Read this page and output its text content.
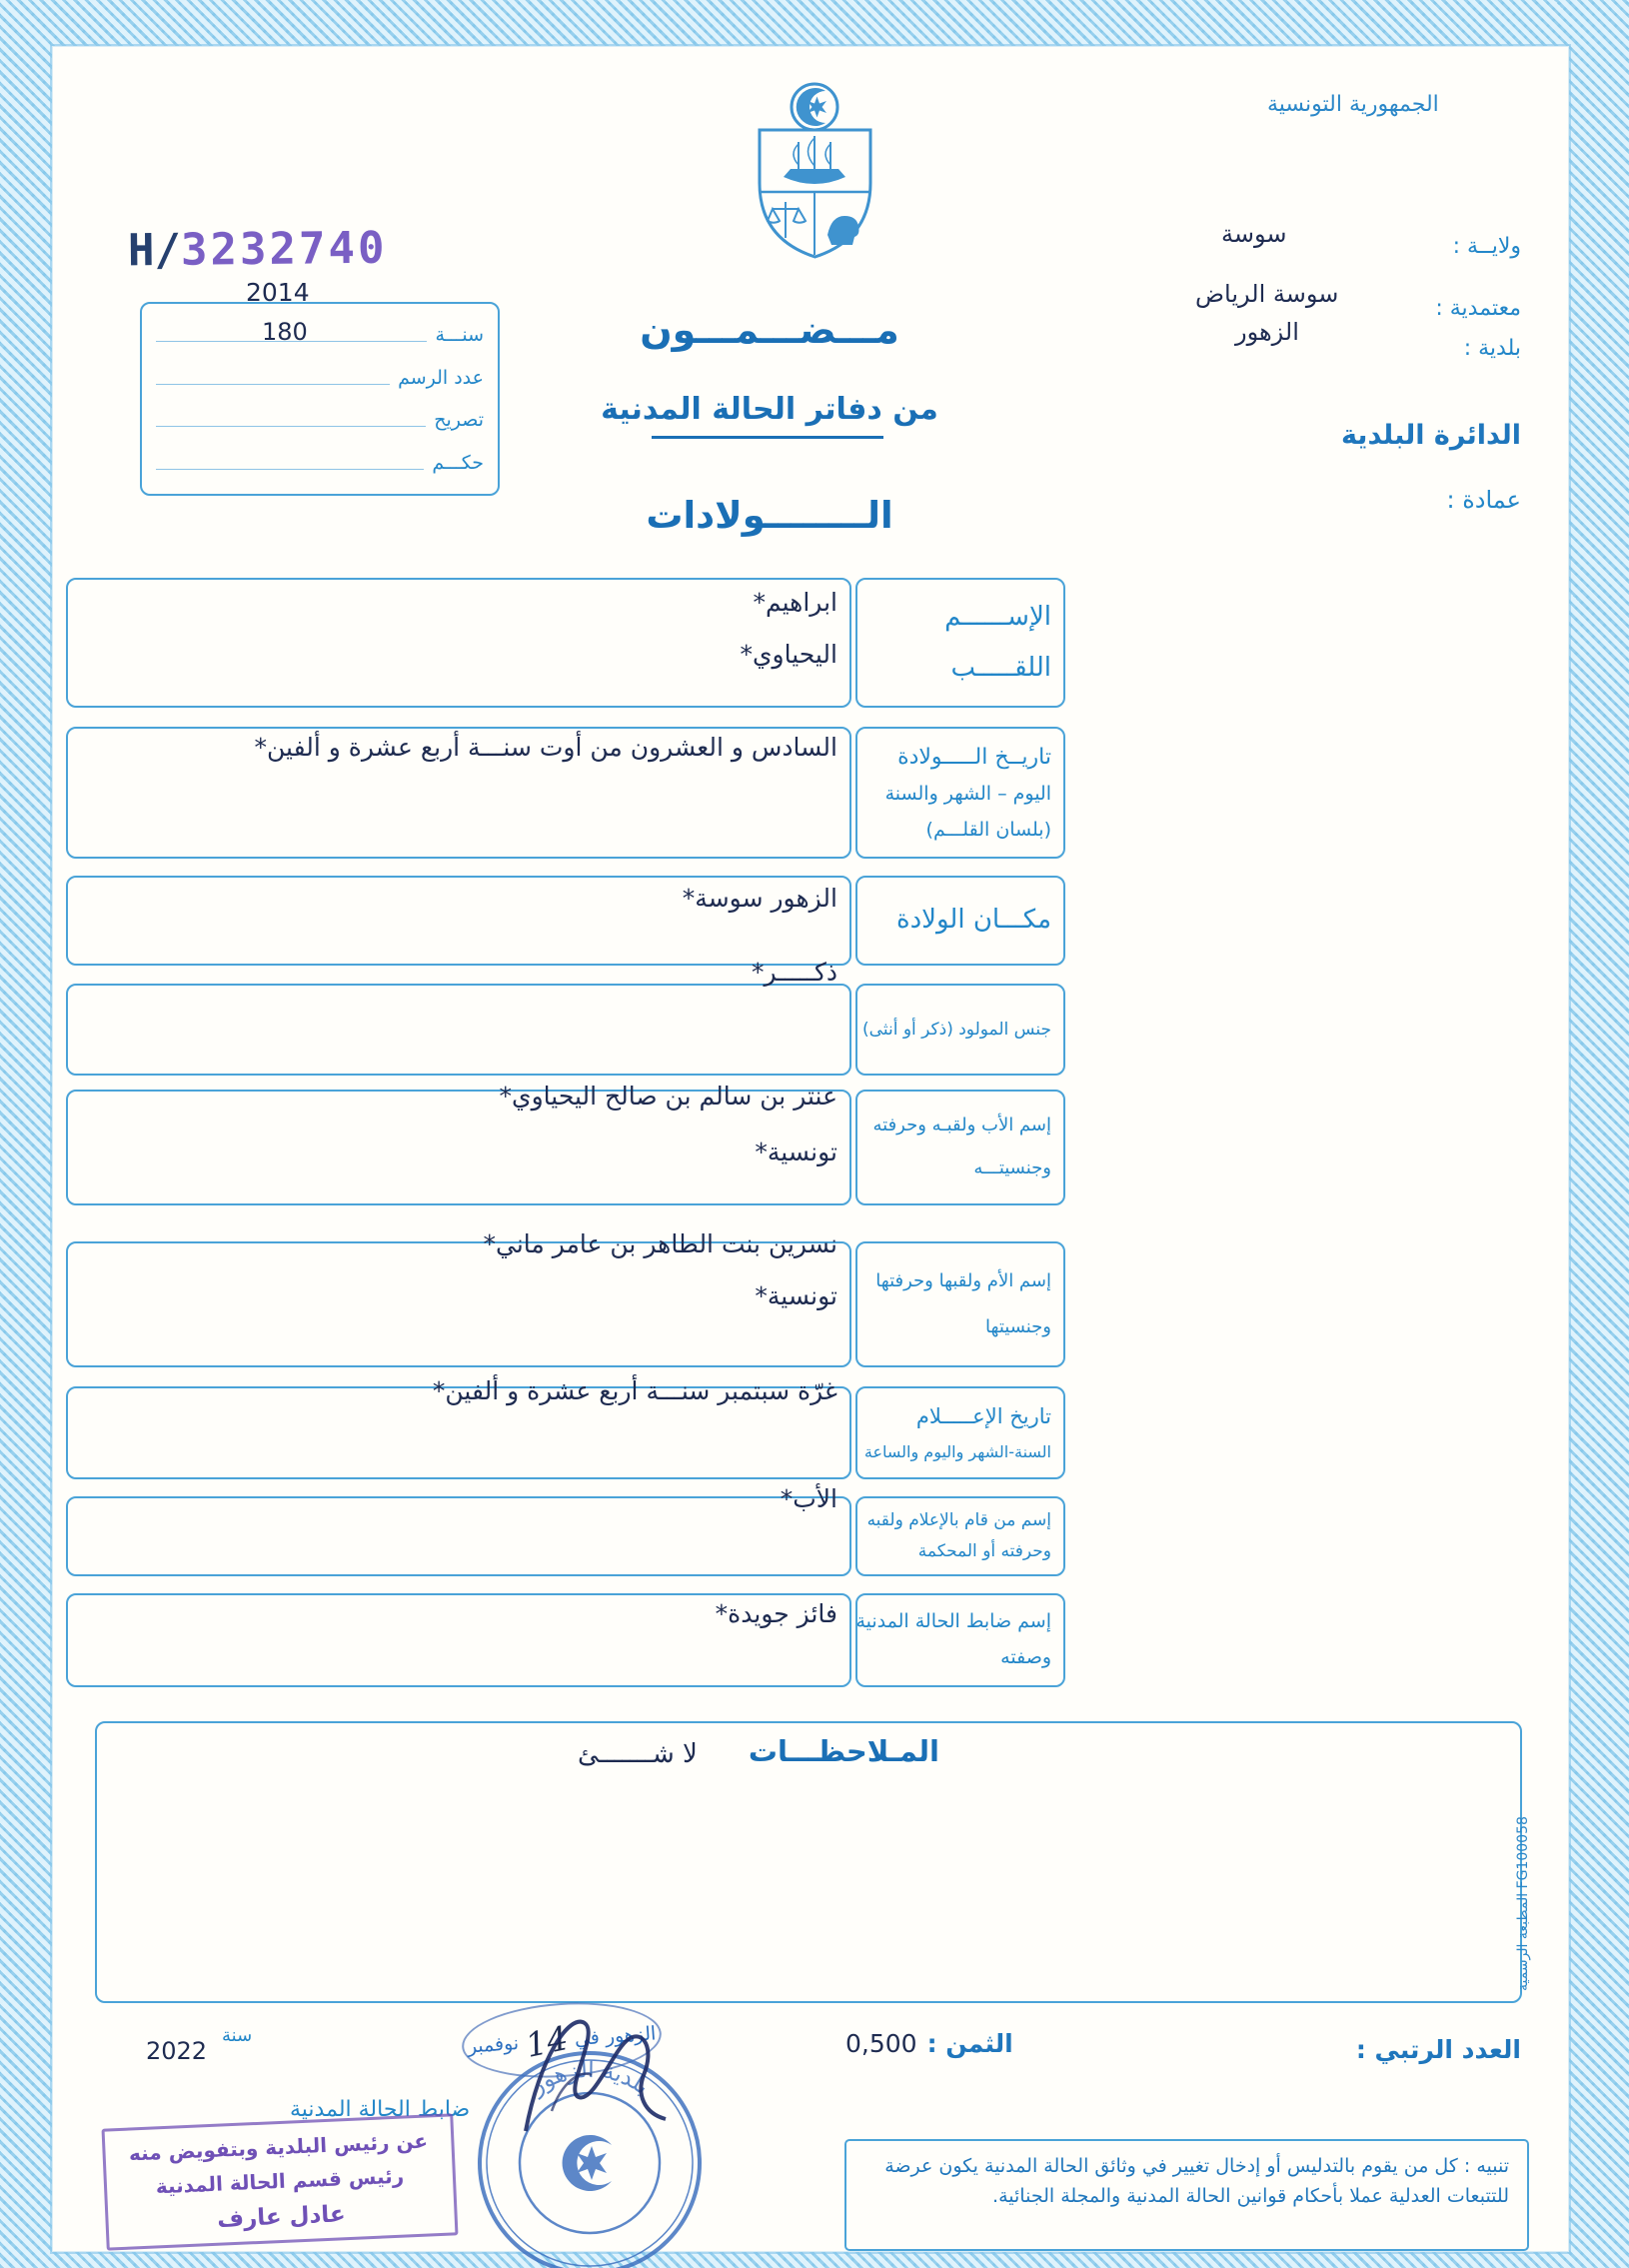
الجمهورية التونسية
H/3232740
2014
سنـــة
عدد الرسم
تصريح
حكـــم
180
سوسة	ولايــة :
سوسة الرياض
معتمدية :
الزهور
بلدية :
الدائرة البلدية
عمادة :
مـــضـــمـــون
من دفاتر الحالة المدنية
الــــــــولادات
ابراهيم*
اليحياوي*
الإســــــم
اللقـــــب
السادس و العشرون من أوت سنـــة أربع عشرة و ألفين*	تاريــخ الـــــولادة
اليوم – الشهر والسنة
(بلسان القلـــم)
الزهور سوسة*
مكـــان الولادة
ذكـــــر*
جنس المولود (ذكر أو أنثى)
عنتر بن سالم بن صالح اليحياوي*
تونسية*
إسم الأب ولقبـه وحرفته
وجنسيتـــه
نسرين بنت الطاهر بن عامر ماني*
تونسية*
إسم الأم ولقبها وحرفتها
وجنسيتها
غرّة سبتمبر سنـــة أربع عشرة و ألفين*
تاريخ الإعـــــلام
السنة-الشهر واليوم والساعة
الأب*
إسم من قام بالإعلام ولقبه
وحرفته أو المحكمة
فائز جويدة* إسم ضابط الحالة المدنية
وصفته
المـلاحظـــات
لا شـــــــئ
العدد الرتبي :
الثمن :
0,500
سنة
2022
ضابط الحالة المدنية
الزهور في
14
نوفمبر
تنبيه : كل من يقوم بالتدليس أو إدخال تغيير في وثائق الحالة المدنية يكون عرضة للتتبعات العدلية عملا بأحكام قوانين الحالة المدنية والمجلة الجنائية.
عن رئيس البلدية وبتفويض منه
رئيس قسم الحالة المدنية
عادل عارف
بلدية الزهور
المطبعة الرسمية FG100058
